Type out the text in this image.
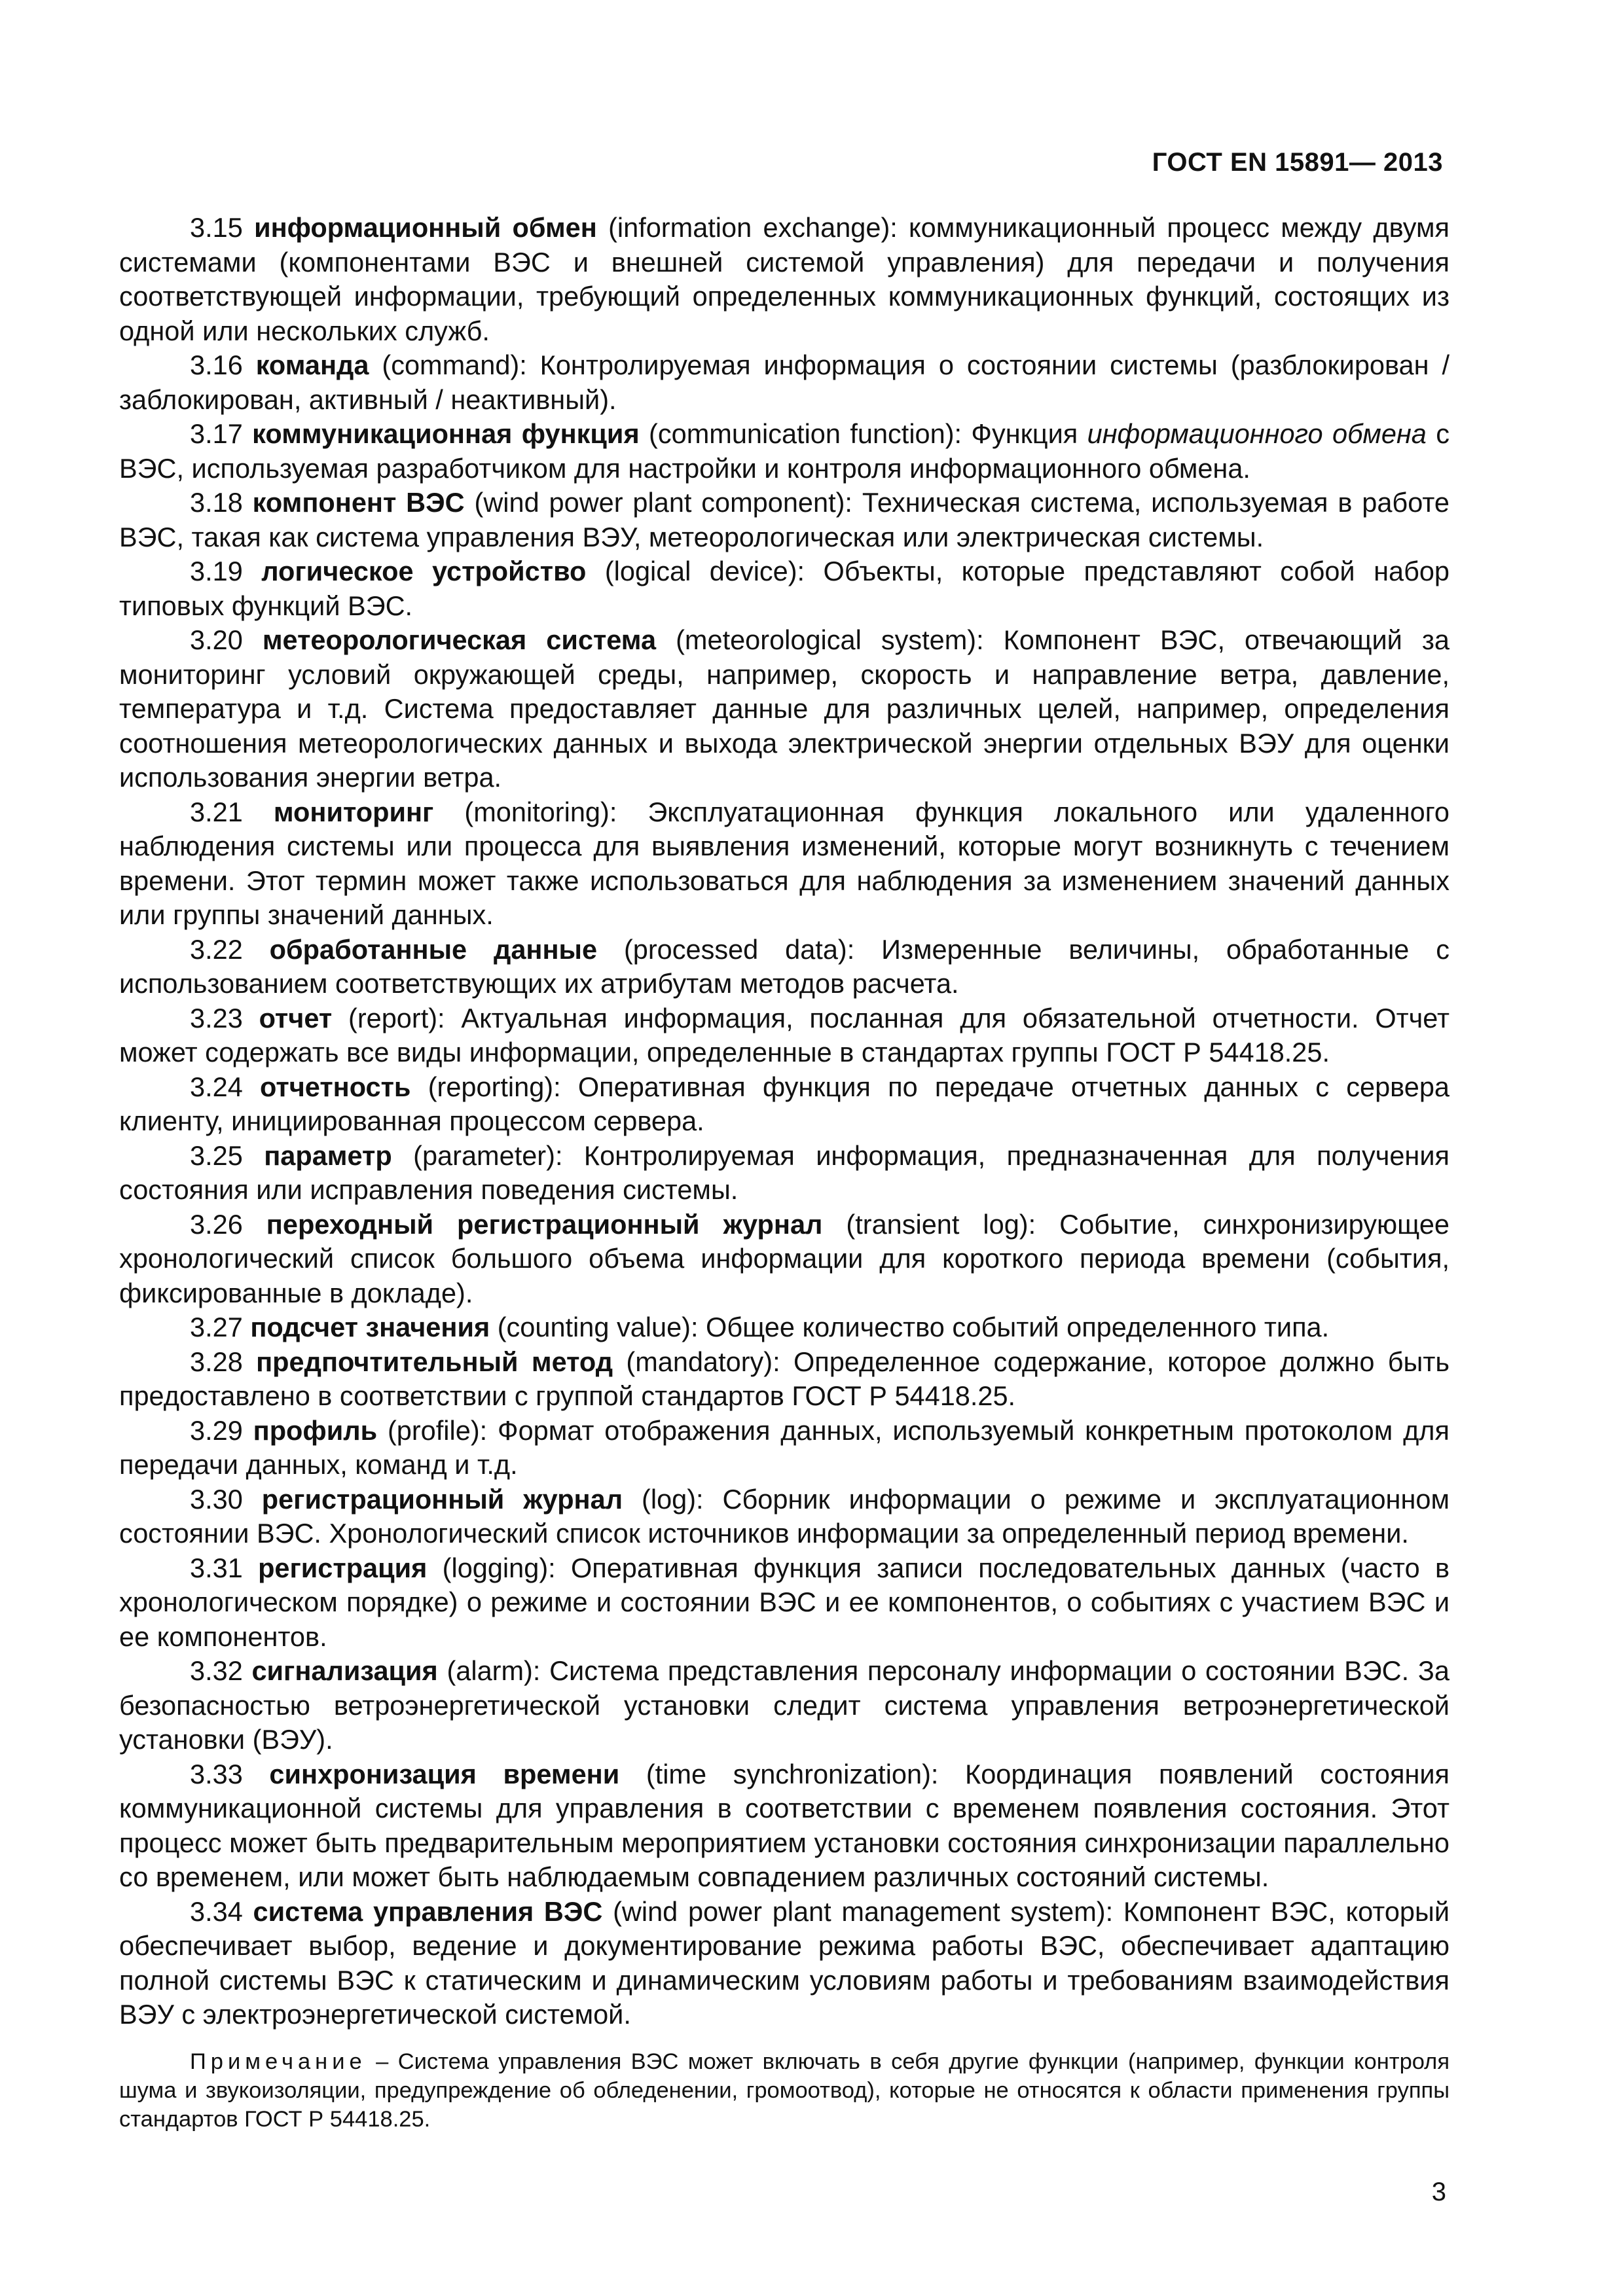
ГОСТ EN 15891— 2013

3.15 информационный обмен (information exchange): коммуникационный процесс между двумя системами (компонентами ВЭС и внешней системой управления) для передачи и получения соответствующей информации, требующий определенных коммуникационных функций, состоящих из одной или нескольких служб.

3.16 команда (command): Контролируемая информация о состоянии системы (разблокирован / заблокирован, активный / неактивный).

3.17 коммуникационная функция (communication function): Функция информационного обмена с ВЭС, используемая разработчиком для настройки и контроля информационного обмена.

3.18 компонент ВЭС (wind power plant component): Техническая система, используемая в работе ВЭС, такая как система управления ВЭУ, метеорологическая или электрическая системы.

3.19 логическое устройство (logical device): Объекты, которые представляют собой набор типовых функций ВЭС.

3.20 метеорологическая система (meteorological system): Компонент ВЭС, отвечающий за мониторинг условий окружающей среды, например, скорость и направление ветра, давление, температура и т.д. Система предоставляет данные для различных целей, например, определения соотношения метеорологических данных и выхода электрической энергии отдельных ВЭУ для оценки использования энергии ветра.

3.21 мониторинг (monitoring): Эксплуатационная функция локального или удаленного наблюдения системы или процесса для выявления изменений, которые могут возникнуть с течением времени. Этот термин может также использоваться для наблюдения за изменением значений данных или группы значений данных.

3.22 обработанные данные (processed data): Измеренные величины, обработанные с использованием соответствующих их атрибутам методов расчета.

3.23 отчет (report): Актуальная информация, посланная для обязательной отчетности. Отчет может содержать все виды информации, определенные в стандартах группы ГОСТ Р 54418.25.

3.24 отчетность (reporting): Оперативная функция по передаче отчетных данных с сервера клиенту, инициированная процессом сервера.

3.25 параметр (parameter): Контролируемая информация, предназначенная для получения состояния или исправления поведения системы.

3.26 переходный регистрационный журнал (transient log): Событие, синхронизирующее хронологический список большого объема информации для короткого периода времени (события, фиксированные в докладе).

3.27 подсчет значения (counting value): Общее количество событий определенного типа.

3.28 предпочтительный метод (mandatory): Определенное содержание, которое должно быть предоставлено в соответствии с группой стандартов ГОСТ Р 54418.25.

3.29 профиль (profile): Формат отображения данных, используемый конкретным протоколом для передачи данных, команд и т.д.

3.30 регистрационный журнал (log): Сборник информации о режиме и эксплуатационном состоянии ВЭС. Хронологический список источников информации за определенный период времени.

3.31 регистрация (logging): Оперативная функция записи последовательных данных (часто в хронологическом порядке) о режиме и состоянии ВЭС и ее компонентов, о событиях с участием ВЭС и ее компонентов.

3.32 сигнализация (alarm): Система представления персоналу информации о состоянии ВЭС. За безопасностью ветроэнергетической установки следит система управления ветроэнергетической установки (ВЭУ).

3.33 синхронизация времени (time synchronization): Координация появлений состояния коммуникационной системы для управления в соответствии с временем появления состояния. Этот процесс может быть предварительным мероприятием установки состояния синхронизации параллельно со временем, или может быть наблюдаемым совпадением различных состояний системы.

3.34 система управления ВЭС (wind power plant management system): Компонент ВЭС, который обеспечивает выбор, ведение и документирование режима работы ВЭС, обеспечивает адаптацию полной системы ВЭС к статическим и динамическим условиям работы и требованиям взаимодействия ВЭУ с электроэнергетической системой.

Примечание – Система управления ВЭС может включать в себя другие функции (например, функции контроля шума и звукоизоляции, предупреждение об обледенении, громоотвод), которые не относятся к области применения группы стандартов ГОСТ Р 54418.25.

3
